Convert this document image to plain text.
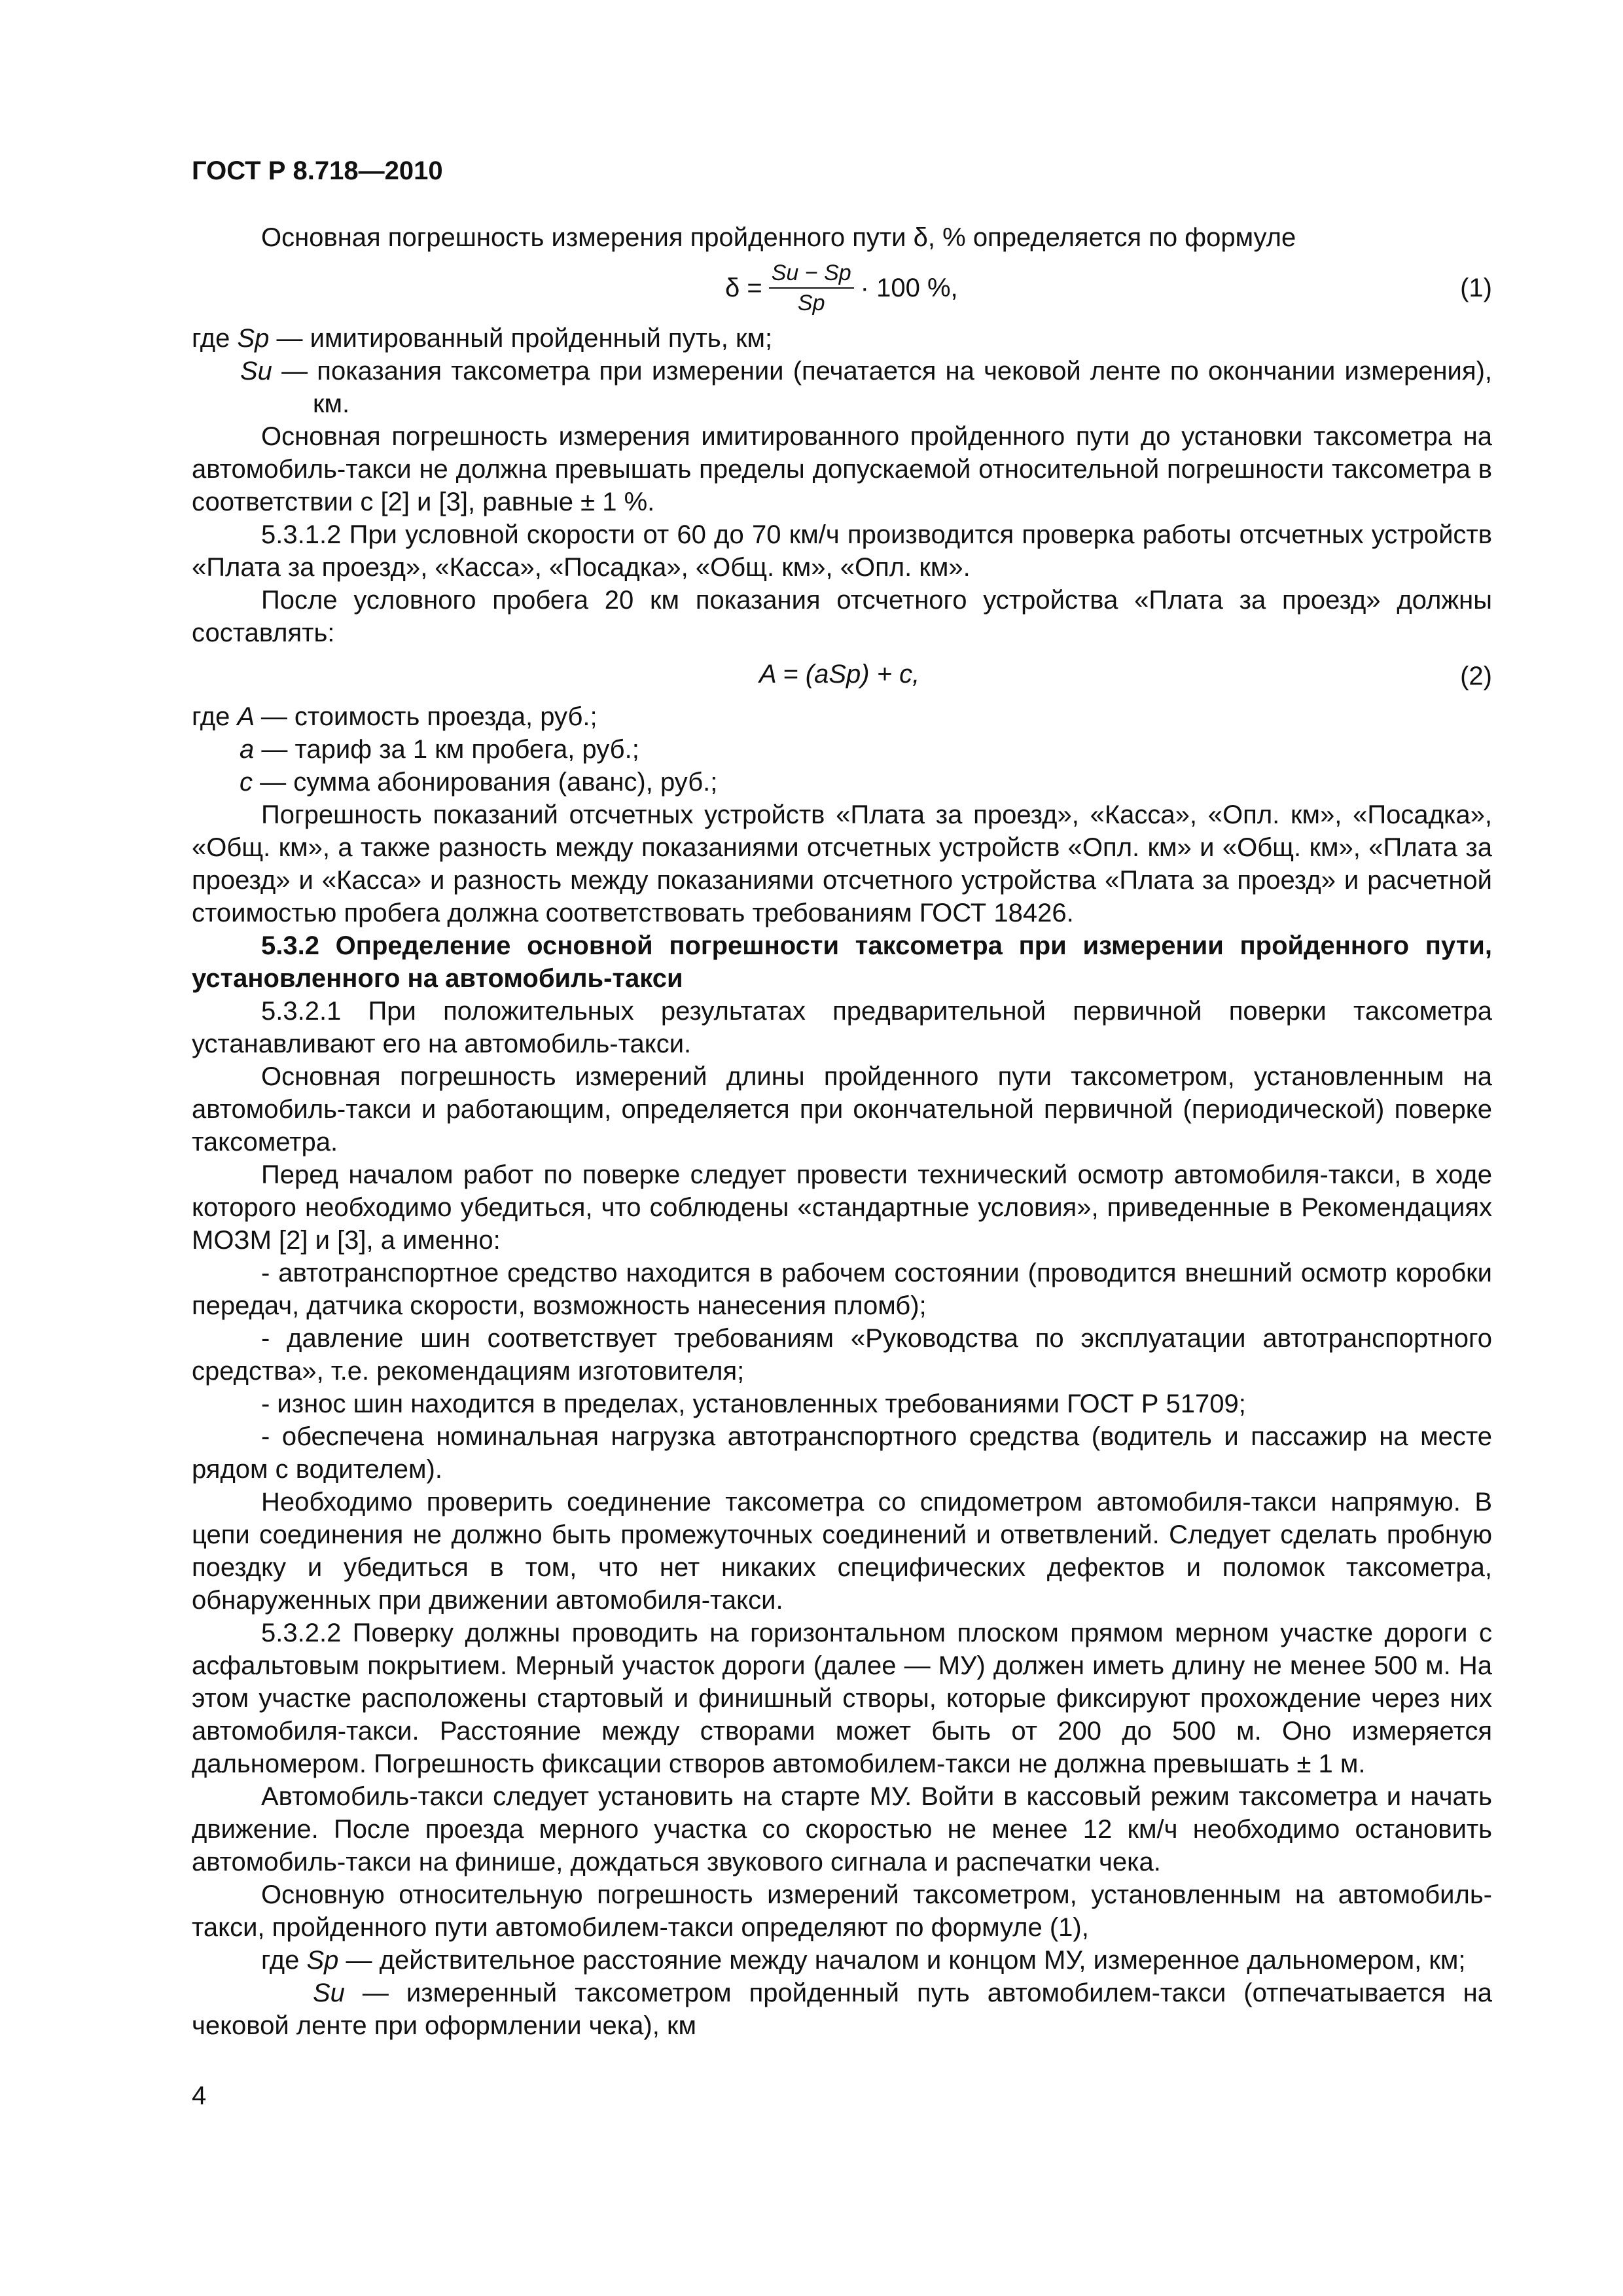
ГОСТ Р 8.718—2010

Основная погрешность измерения пройденного пути δ, % определяется по формуле

$\delta = \frac{Su - Sp}{Sp} \cdot 100$ %,	(1)

где Sp — имитированный пройденный путь, км;

Su — показания таксометра при измерении (печатается на чековой ленте по окончании измерения), км.

Основная погрешность измерения имитированного пройденного пути до установки таксометра на автомобиль-такси не должна превышать пределы допускаемой относительной погрешности таксометра в соответствии с [2] и [3], равные ± 1 %.

5.3.1.2 При условной скорости от 60 до 70 км/ч производится проверка работы отсчетных устройств «Плата за проезд», «Касса», «Посадка», «Общ. км», «Опл. км».

После условного пробега 20 км показания отсчетного устройства «Плата за проезд» должны составлять:

A = (aSp) + c,	(2)

где A — стоимость проезда, руб.;

a — тариф за 1 км пробега, руб.;

c — сумма абонирования (аванс), руб.;

Погрешность показаний отсчетных устройств «Плата за проезд», «Касса», «Опл. км», «Посадка», «Общ. км», а также разность между показаниями отсчетных устройств «Опл. км» и «Общ. км», «Плата за проезд» и «Касса» и разность между показаниями отсчетного устройства «Плата за проезд» и расчетной стоимостью пробега должна соответствовать требованиям ГОСТ 18426.

5.3.2 Определение основной погрешности таксометра при измерении пройденного пути, установленного на автомобиль-такси

5.3.2.1 При положительных результатах предварительной первичной поверки таксометра устанавливают его на автомобиль-такси.

Основная погрешность измерений длины пройденного пути таксометром, установленным на автомобиль-такси и работающим, определяется при окончательной первичной (периодической) поверке таксометра.

Перед началом работ по поверке следует провести технический осмотр автомобиля-такси, в ходе которого необходимо убедиться, что соблюдены «стандартные условия», приведенные в Рекомендациях МОЗМ [2] и [3], а именно:

- автотранспортное средство находится в рабочем состоянии (проводится внешний осмотр коробки передач, датчика скорости, возможность нанесения пломб);

- давление шин соответствует требованиям «Руководства по эксплуатации автотранспортного средства», т.е. рекомендациям изготовителя;

- износ шин находится в пределах, установленных требованиями ГОСТ Р 51709;

- обеспечена номинальная нагрузка автотранспортного средства (водитель и пассажир на месте рядом с водителем).

Необходимо проверить соединение таксометра со спидометром автомобиля-такси напрямую. В цепи соединения не должно быть промежуточных соединений и ответвлений. Следует сделать пробную поездку и убедиться в том, что нет никаких специфических дефектов и поломок таксометра, обнаруженных при движении автомобиля-такси.

5.3.2.2 Поверку должны проводить на горизонтальном плоском прямом мерном участке дороги с асфальтовым покрытием. Мерный участок дороги (далее — МУ) должен иметь длину не менее 500 м. На этом участке расположены стартовый и финишный створы, которые фиксируют прохождение через них автомобиля-такси. Расстояние между створами может быть от 200 до 500 м. Оно измеряется дальномером. Погрешность фиксации створов автомобилем-такси не должна превышать ± 1 м.

Автомобиль-такси следует установить на старте МУ. Войти в кассовый режим таксометра и начать движение. После проезда мерного участка со скоростью не менее 12 км/ч необходимо остановить автомобиль-такси на финише, дождаться звукового сигнала и распечатки чека.

Основную относительную погрешность измерений таксометром, установленным на автомобиль-такси, пройденного пути автомобилем-такси определяют по формуле (1),

где Sp — действительное расстояние между началом и концом МУ, измеренное дальномером, км;

Su — измеренный таксометром пройденный путь автомобилем-такси (отпечатывается на чековой ленте при оформлении чека), км

4
